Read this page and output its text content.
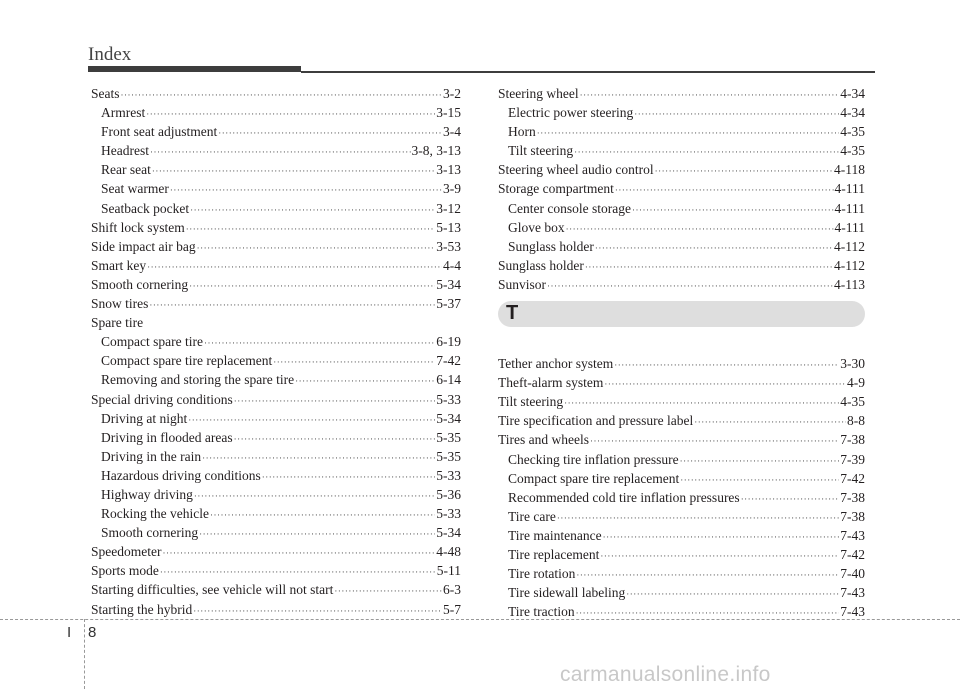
Index
Seats ·····	3-2
Armrest ·····	3-15
Front seat adjustment ·····	3-4
Headrest ·····	3-8, 3-13
Rear seat ·····	3-13
Seat warmer ·····	3-9
Seatback pocket ·····	3-12
Shift lock system ·····	5-13
Side impact air bag ·····	3-53
Smart key ·····	4-4
Smooth cornering ·····	5-34
Snow tires ·····	5-37
Spare tire
Compact spare tire ·····	6-19
Compact spare tire replacement ·····	7-42
Removing and storing the spare tire ·····	6-14
Special driving conditions ·····	5-33
Driving at night ·····	5-34
Driving in flooded areas ·····	5-35
Driving in the rain ·····	5-35
Hazardous driving conditions ·····	5-33
Highway driving ·····	5-36
Rocking the vehicle ·····	5-33
Smooth cornering ·····	5-34
Speedometer ·····	4-48
Sports mode ·····	5-11
Starting difficulties, see vehicle will not start ·····	6-3
Starting the hybrid ·····	5-7
Steering wheel ·····	4-34
Electric power steering ·····	4-34
Horn ·····	4-35
Tilt steering ·····	4-35
Steering wheel audio control ·····	4-118
Storage compartment ·····	4-111
Center console storage ·····	4-111
Glove box ·····	4-111
Sunglass holder ·····	4-112
Sunglass holder ·····	4-112
Sunvisor ·····	4-113
T
Tether anchor system ·····	3-30
Theft-alarm system ·····	4-9
Tilt steering ·····	4-35
Tire specification and pressure label ·····	8-8
Tires and wheels ·····	7-38
Checking tire inflation pressure ·····	7-39
Compact spare tire replacement ·····	7-42
Recommended cold tire inflation pressures ·····	7-38
Tire care ·····	7-38
Tire maintenance ·····	7-43
Tire replacement ·····	7-42
Tire rotation ·····	7-40
Tire sidewall labeling ·····	7-43
Tire traction ·····	7-43
I 8
carmanualsonline.info
